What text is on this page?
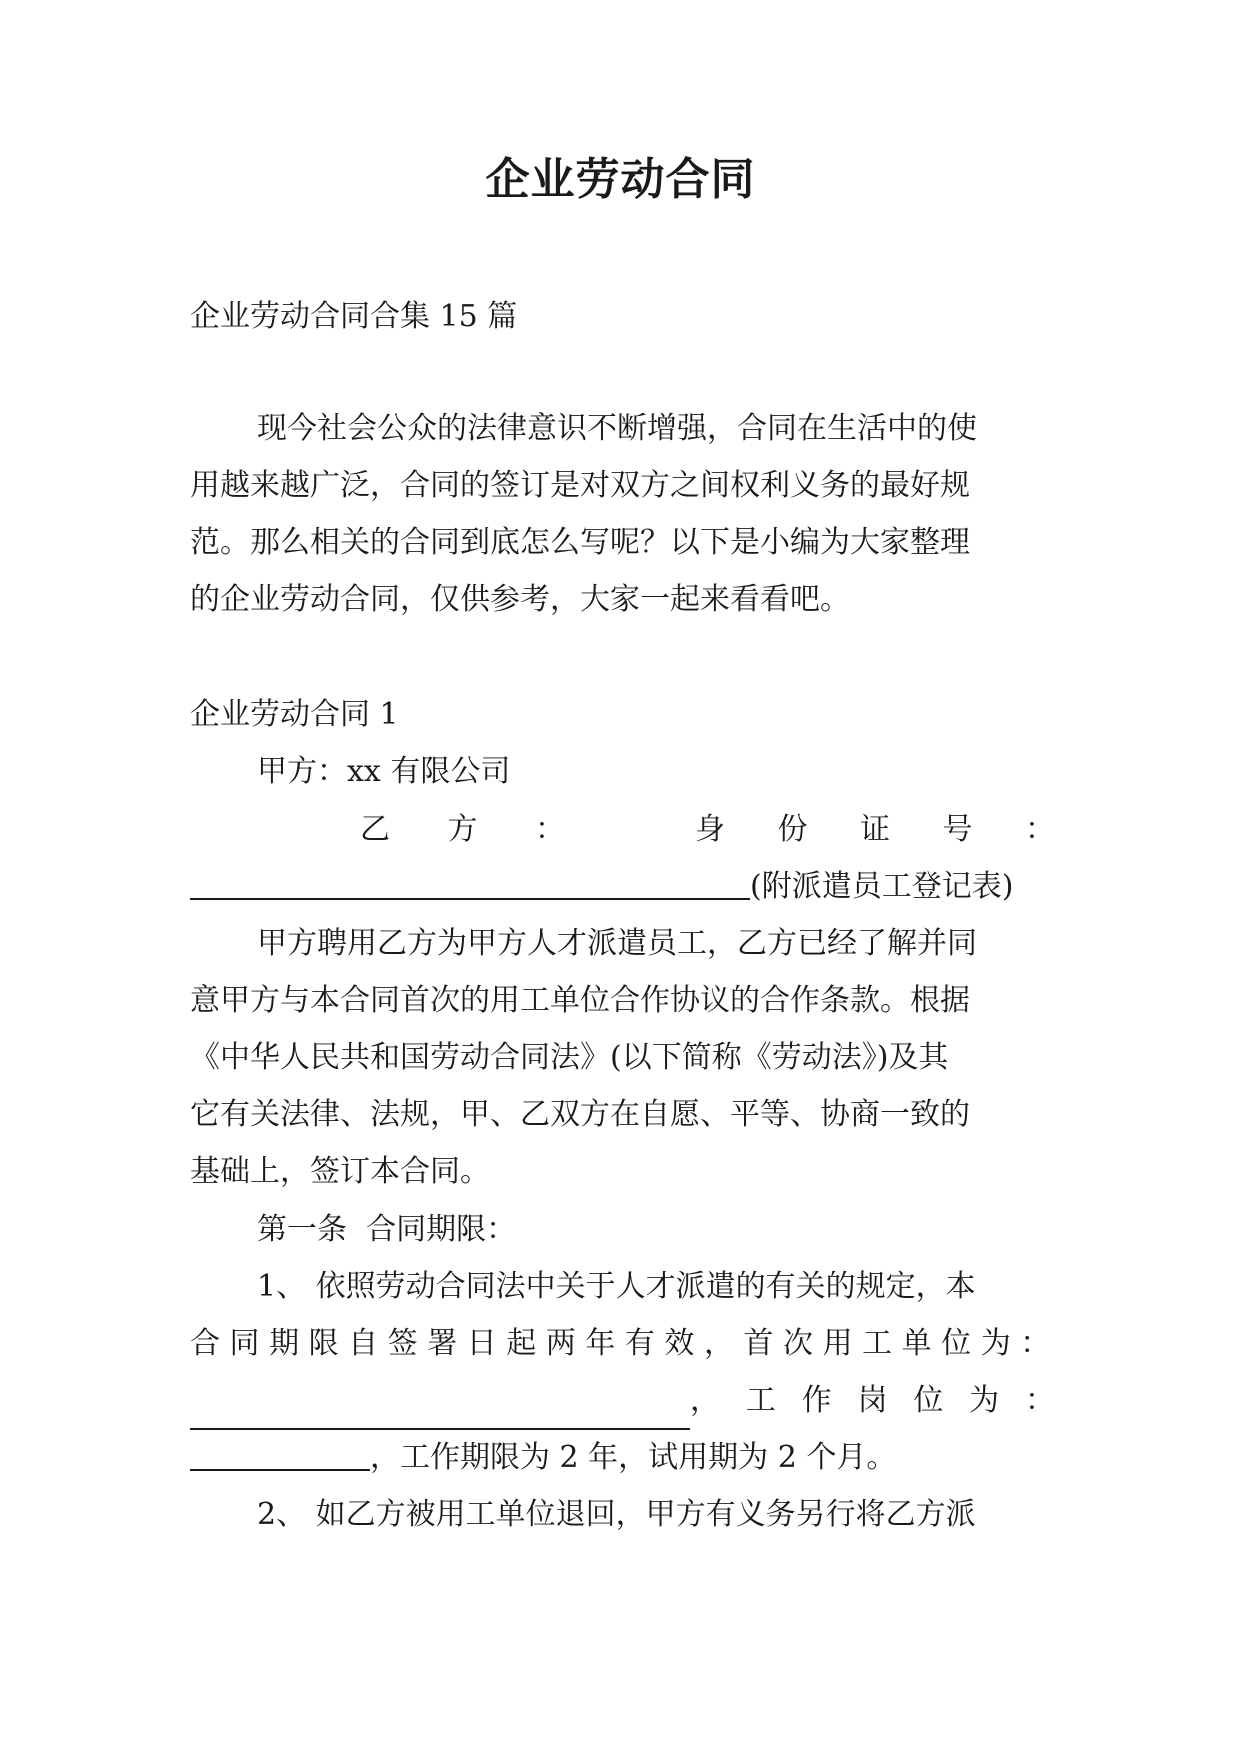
企业劳动合同
企业劳动合同合集 15 篇
现今社会公众的法律意识不断增强，合同在生活中的使
用越来越广泛，合同的签订是对双方之间权利义务的最好规
范。那么相关的合同到底怎么写呢？以下是小编为大家整理
的企业劳动合同，仅供参考，大家一起来看看吧。
企业劳动合同 1
甲方：xx 有限公司
乙 方 ：	身 份 证 号 ：
(附派遣员工登记表)
甲方聘用乙方为甲方人才派遣员工，乙方已经了解并同
意甲方与本合同首次的用工单位合作协议的合作条款。根据
《中华人民共和国劳动合同法》(以下简称《劳动法》)及其
它有关法律、法规，甲、乙双方在自愿、平等、协商一致的
基础上，签订本合同。
第一条  合同期限：
1、 依照劳动合同法中关于人才派遣的有关的规定，本
合 同 期 限 自 签 署 日 起 两 年 有 效 ， 首 次 用 工 单 位 为 ：
， 工 作 岗 位 为 ：
，工作期限为 2 年，试用期为 2 个月。
2、 如乙方被用工单位退回，甲方有义务另行将乙方派
